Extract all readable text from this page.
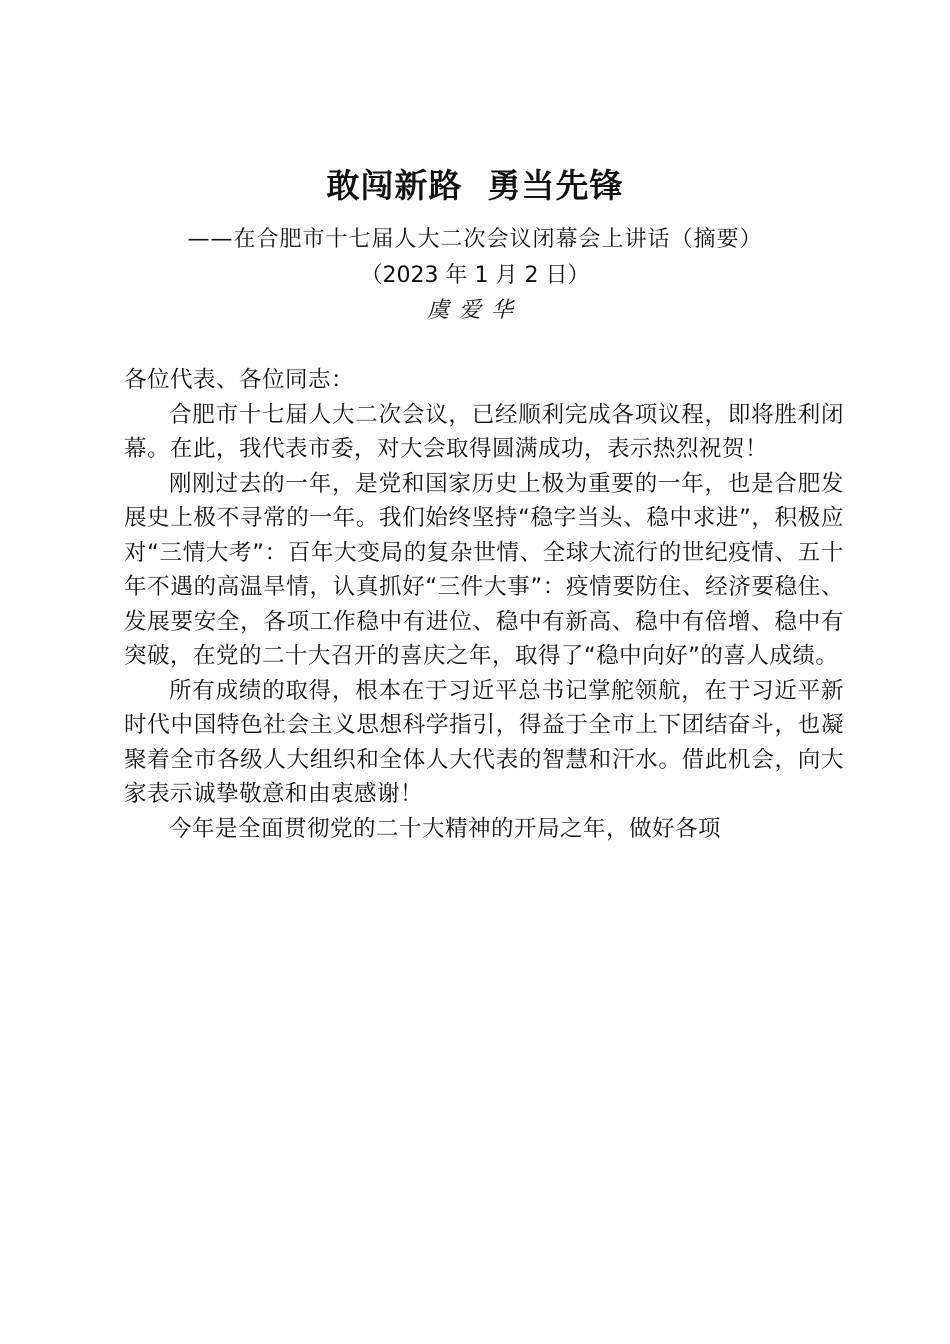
敢闯新路  勇当先锋
——在合肥市十七届人大二次会议闭幕会上讲话（摘要）
（2023 年 1 月 2 日）
虞爱华

各位代表、各位同志：

合肥市十七届人大二次会议，已经顺利完成各项议程，即将胜利闭幕。在此，我代表市委，对大会取得圆满成功，表示热烈祝贺！

刚刚过去的一年，是党和国家历史上极为重要的一年，也是合肥发展史上极不寻常的一年。我们始终坚持“稳字当头、稳中求进”，积极应对“三情大考”：百年大变局的复杂世情、全球大流行的世纪疫情、五十年不遇的高温旱情，认真抓好“三件大事”：疫情要防住、经济要稳住、发展要安全，各项工作稳中有进位、稳中有新高、稳中有倍增、稳中有突破，在党的二十大召开的喜庆之年，取得了“稳中向好”的喜人成绩。

所有成绩的取得，根本在于习近平总书记掌舵领航，在于习近平新时代中国特色社会主义思想科学指引，得益于全市上下团结奋斗，也凝聚着全市各级人大组织和全体人大代表的智慧和汗水。借此机会，向大家表示诚挚敬意和由衷感谢！

今年是全面贯彻党的二十大精神的开局之年，做好各项
